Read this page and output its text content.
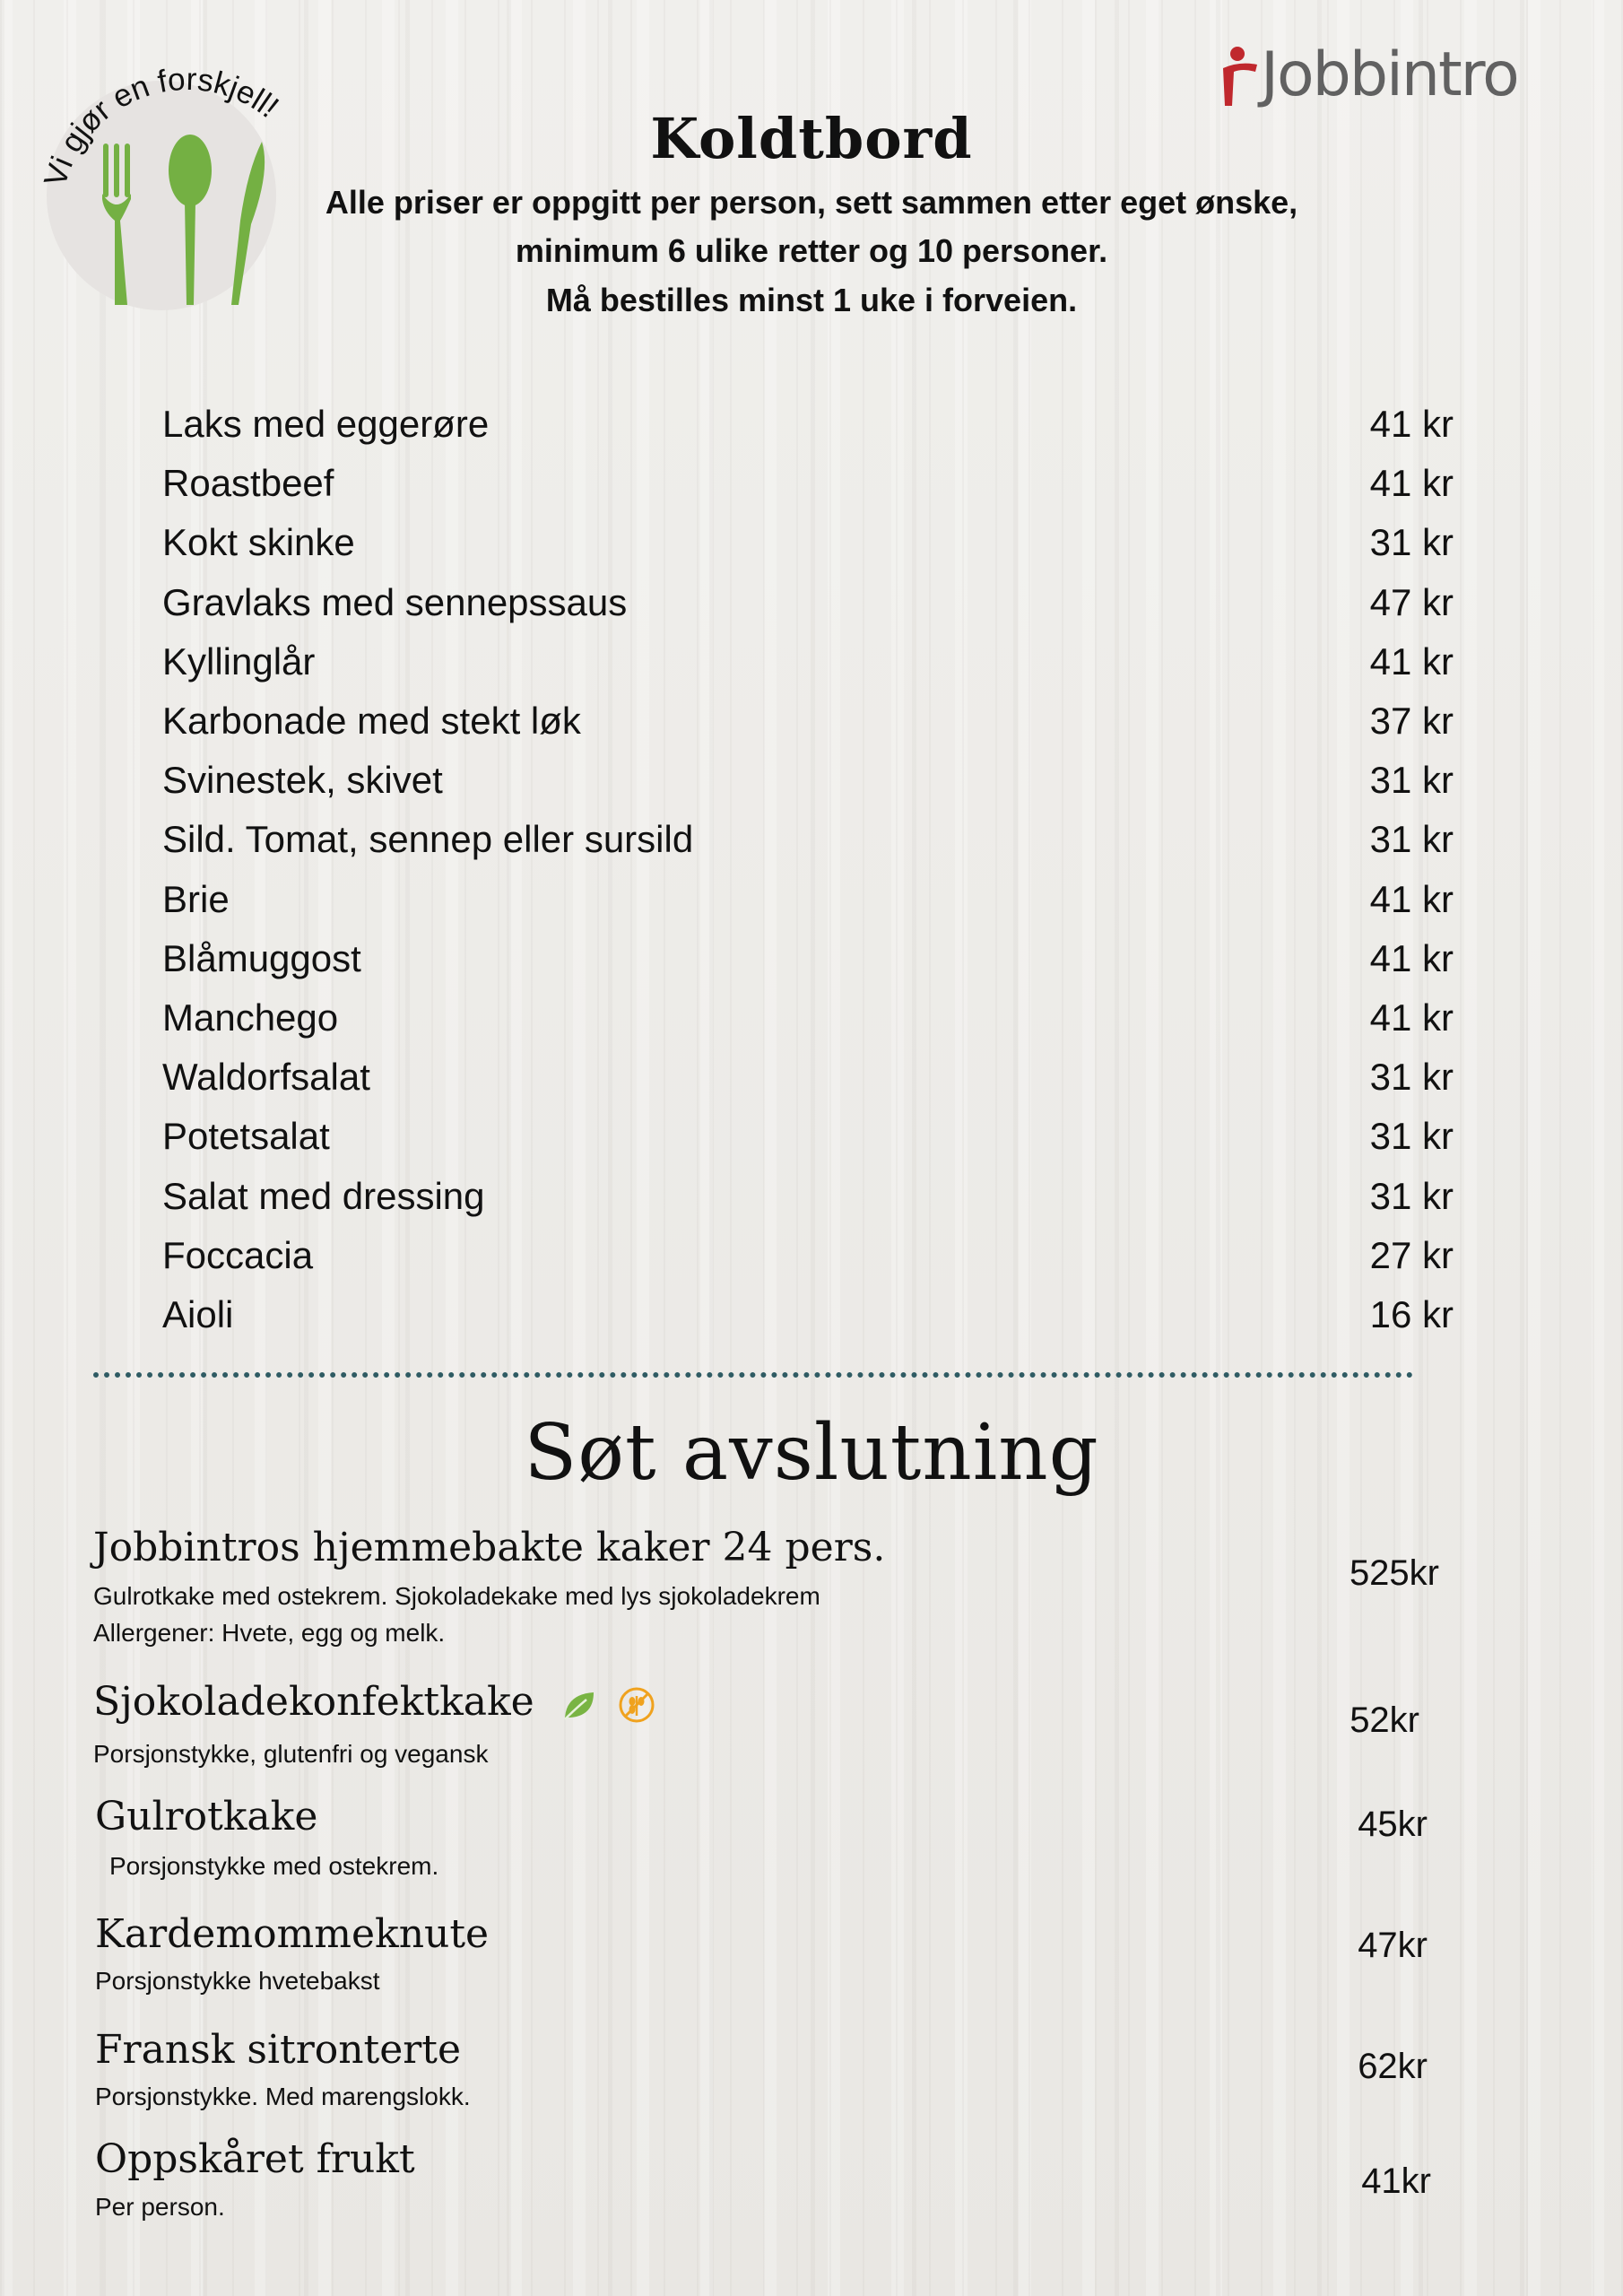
Vi gjør en forskjell!	Jobbintro
Koldtbord
Alle priser er oppgitt per person, sett sammen etter eget ønske,
minimum 6 ulike retter og 10 personer.
Må bestilles minst 1 uke i forveien.
Laks med eggerøre	41 kr
Roastbeef	41 kr
Kokt skinke	31 kr
Gravlaks med sennepssaus	47 kr
Kyllinglår	41 kr
Karbonade med stekt løk	37 kr
Svinestek, skivet	31 kr
Sild. Tomat, sennep eller sursild	31 kr
Brie	41 kr
Blåmuggost	41 kr
Manchego	41 kr
Waldorfsalat	31 kr
Potetsalat	31 kr
Salat med dressing	31 kr
Foccacia	27 kr
Aioli	16 kr
Søt avslutning
Jobbintros hjemmebakte kaker 24 pers.
Gulrotkake med ostekrem. Sjokoladekake med lys sjokoladekrem
Allergener: Hvete, egg og melk.
525kr
Sjokoladekonfektkake
Porsjonstykke, glutenfri og vegansk
52kr
Gulrotkake
Porsjonstykke med ostekrem.
45kr
Kardemommeknute
Porsjonstykke hvetebakst
47kr
Fransk sitronterte
Porsjonstykke. Med marengslokk.
62kr
Oppskåret frukt
Per person.
41kr
